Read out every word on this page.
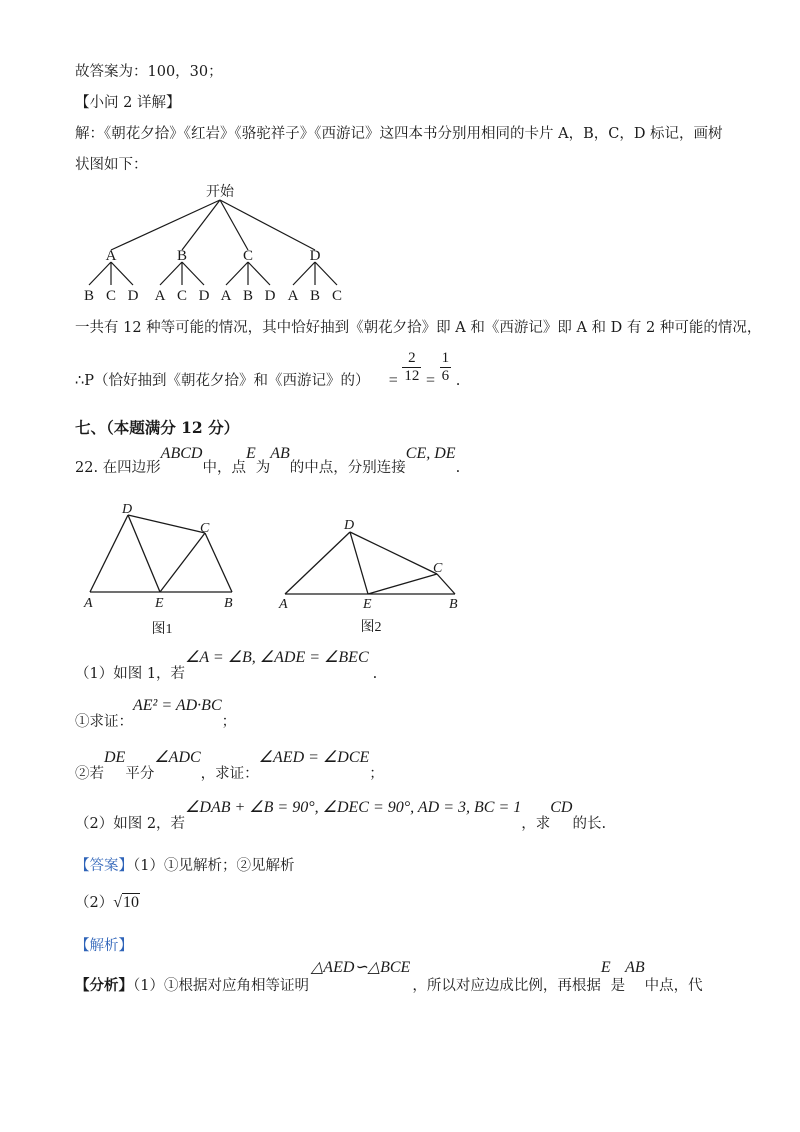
故答案为：100，30；
【小问 2 详解】
解：《朝花夕拾》《红岩》《骆驼祥子》《西游记》这四本书分别用相同的卡片 A，B，C，D 标记，画树
状图如下：
开始
A	B	C	D
B C D A C D A B D A B C
一共有 12 种等可能的情况，其中恰好抽到《朝花夕拾》即 A 和《西游记》即 A 和 D 有 2 种可能的情况，
∴P（恰好抽到《朝花夕拾》和《西游记》的） = $\frac{2}{12} = \frac{1}{6}$ .
七、（本题满分 12 分）
22. 在四边形ABCD中，点E为AB的中点，分别连接CE, DE.
D
C
A	E	B
图1
D
C
A	E	B
图2
（1）如图 1，若∠A = ∠B, ∠ADE = ∠BEC.
①求证：AE² = AD·BC；
②若DE平分∠ADC，求证：∠AED = ∠DCE；
（2）如图 2，若∠DAB + ∠B = 90°, ∠DEC = 90°, AD = 3, BC = 1，求CD的长.
【答案】（1）①见解析；②见解析
（2）√10
【解析】
【分析】（1）①根据对应角相等证明△AED∽△BCE，所以对应边成比例，再根据E是AB中点，代
